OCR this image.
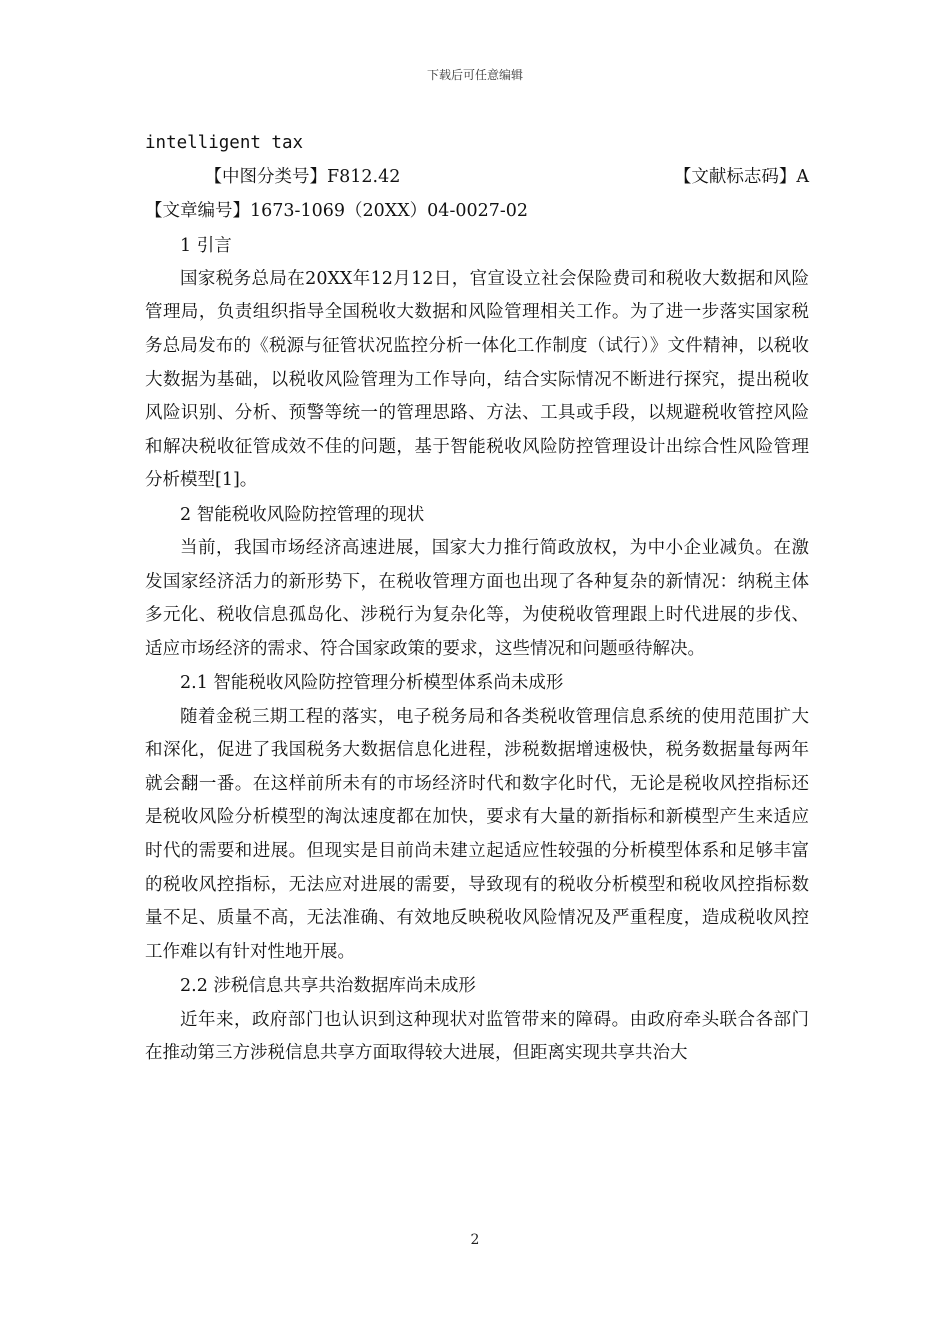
下载后可任意编辑
intelligent tax
【中图分类号】F812.42	【文献标志码】A
【文章编号】1673-1069（20XX）04-0027-02
1 引言

国家税务总局在20XX年12月12日，官宣设立社会保险费司和税收大数据和风险管理局，负责组织指导全国税收大数据和风险管理相关工作。为了进一步落实国家税务总局发布的《税源与征管状况监控分析一体化工作制度（试行）》文件精神，以税收大数据为基础，以税收风险管理为工作导向，结合实际情况不断进行探究，提出税收风险识别、分析、预警等统一的管理思路、方法、工具或手段，以规避税收管控风险和解决税收征管成效不佳的问题，基于智能税收风险防控管理设计出综合性风险管理分析模型[1]。

2 智能税收风险防控管理的现状

当前，我国市场经济高速进展，国家大力推行简政放权，为中小企业减负。在激发国家经济活力的新形势下，在税收管理方面也出现了各种复杂的新情况：纳税主体多元化、税收信息孤岛化、涉税行为复杂化等，为使税收管理跟上时代进展的步伐、适应市场经济的需求、符合国家政策的要求，这些情况和问题亟待解决。

2.1 智能税收风险防控管理分析模型体系尚未成形

随着金税三期工程的落实，电子税务局和各类税收管理信息系统的使用范围扩大和深化，促进了我国税务大数据信息化进程，涉税数据增速极快，税务数据量每两年就会翻一番。在这样前所未有的市场经济时代和数字化时代，无论是税收风控指标还是税收风险分析模型的淘汰速度都在加快，要求有大量的新指标和新模型产生来适应时代的需要和进展。但现实是目前尚未建立起适应性较强的分析模型体系和足够丰富的税收风控指标，无法应对进展的需要，导致现有的税收分析模型和税收风控指标数量不足、质量不高，无法准确、有效地反映税收风险情况及严重程度，造成税收风控工作难以有针对性地开展。

2.2 涉税信息共享共治数据库尚未成形

近年来，政府部门也认识到这种现状对监管带来的障碍。由政府牵头联合各部门在推动第三方涉税信息共享方面取得较大进展，但距离实现共享共治大

2
